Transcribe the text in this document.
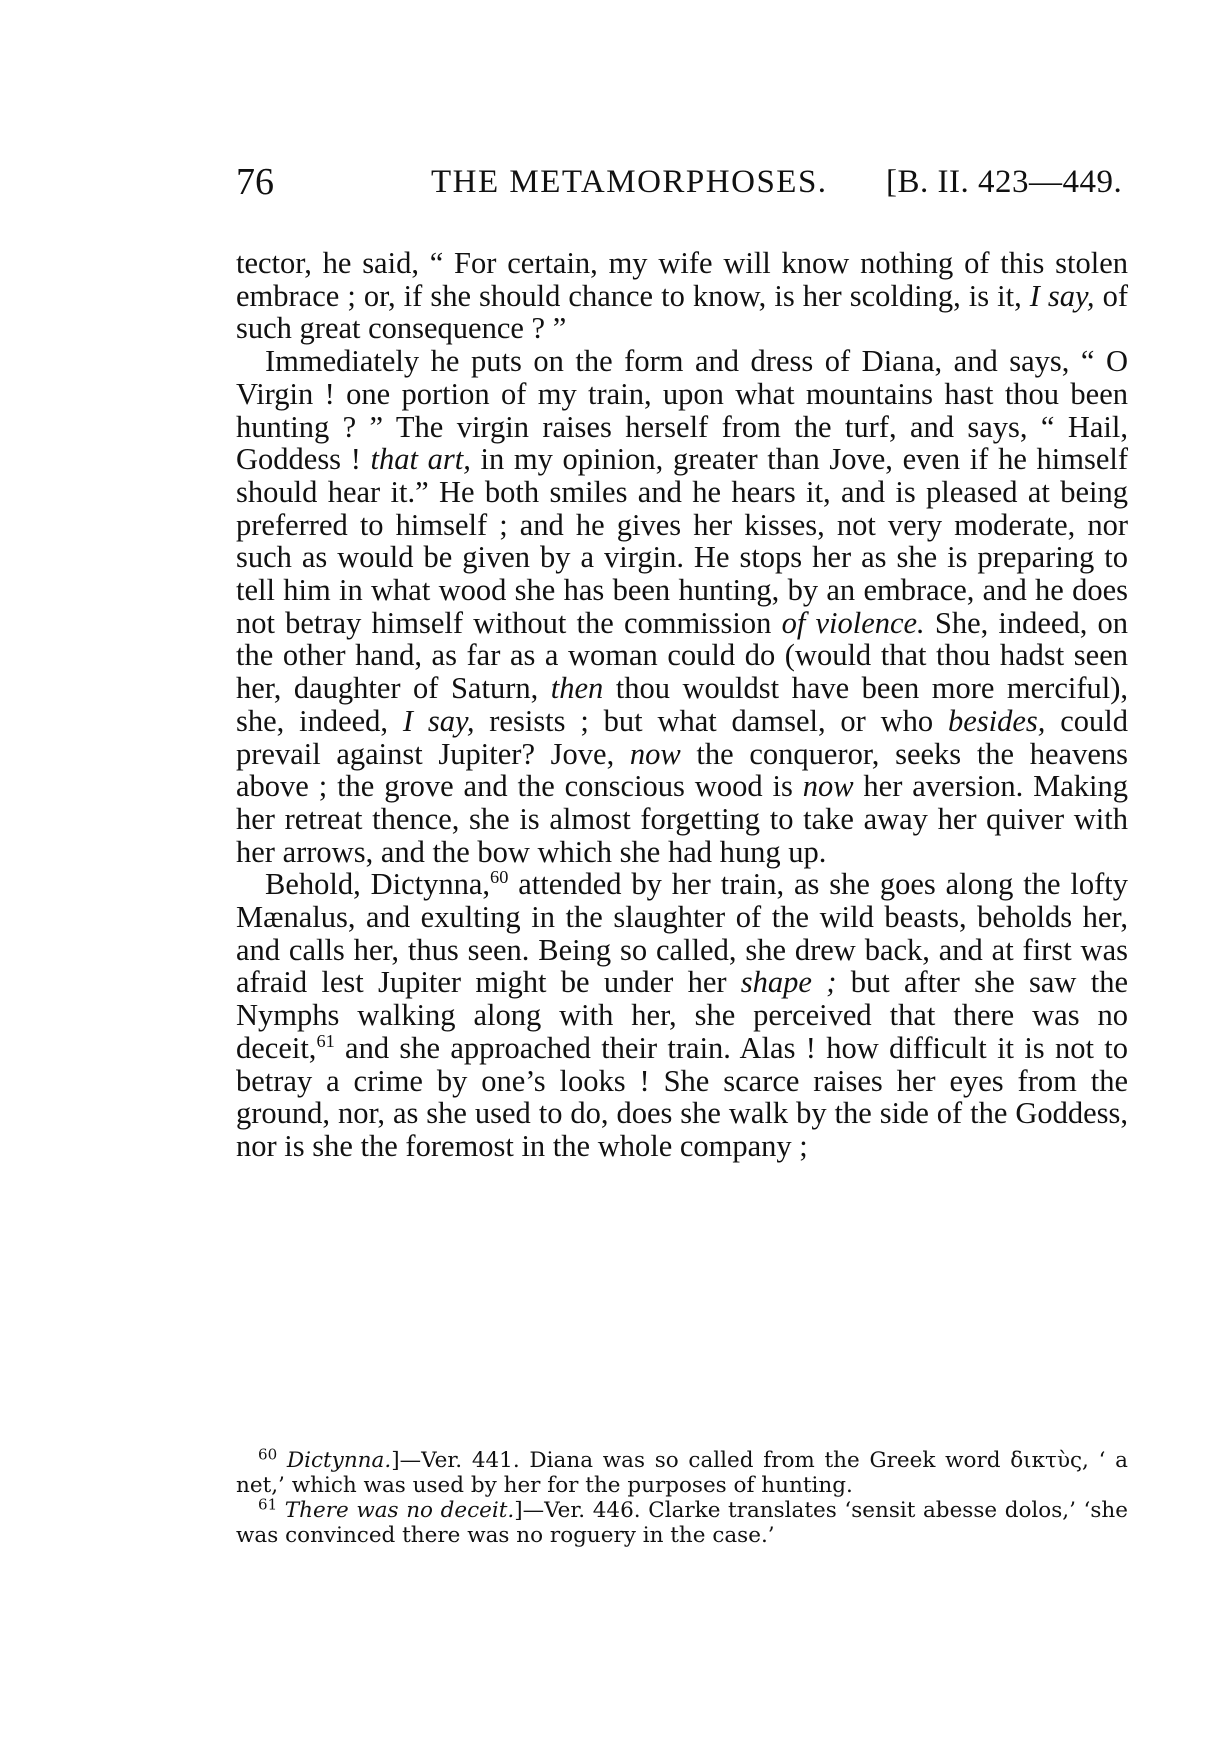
76	THE METAMORPHOSES. [B. II. 423—449.

tector, he said, “ For certain, my wife will know nothing of this stolen embrace ; or, if she should chance to know, is her scolding, is it, I say, of such great consequence ? ”

Immediately he puts on the form and dress of Diana, and says, “ O Virgin ! one portion of my train, upon what mountains hast thou been hunting ? ” The virgin raises herself from the turf, and says, “ Hail, Goddess ! that art, in my opinion, greater than Jove, even if he himself should hear it.” He both smiles and he hears it, and is pleased at being preferred to himself ; and he gives her kisses, not very moderate, nor such as would be given by a virgin. He stops her as she is preparing to tell him in what wood she has been hunting, by an embrace, and he does not betray himself without the commission of violence. She, indeed, on the other hand, as far as a woman could do (would that thou hadst seen her, daughter of Saturn, then thou wouldst have been more merciful), she, indeed, I say, resists ; but what damsel, or who besides, could prevail against Jupiter? Jove, now the conqueror, seeks the heavens above ; the grove and the conscious wood is now her aversion. Making her retreat thence, she is almost forgetting to take away her quiver with her arrows, and the bow which she had hung up.

Behold, Dictynna,$^{60}$ attended by her train, as she goes along the lofty Mænalus, and exulting in the slaughter of the wild beasts, beholds her, and calls her, thus seen. Being so called, she drew back, and at first was afraid lest Jupiter might be under her shape ; but after she saw the Nymphs walking along with her, she perceived that there was no deceit,$^{61}$ and she approached their train. Alas ! how difficult it is not to betray a crime by one’s looks ! She scarce raises her eyes from the ground, nor, as she used to do, does she walk by the side of the Goddess, nor is she the foremost in the whole company ;

$^{60}$ Dictynna.]—Ver. 441. Diana was so called from the Greek word δικτὺς, ‘ a net,’ which was used by her for the purposes of hunting.

$^{61}$ There was no deceit.]—Ver. 446. Clarke translates ‘sensit abesse dolos,’ ‘she was convinced there was no roguery in the case.’
